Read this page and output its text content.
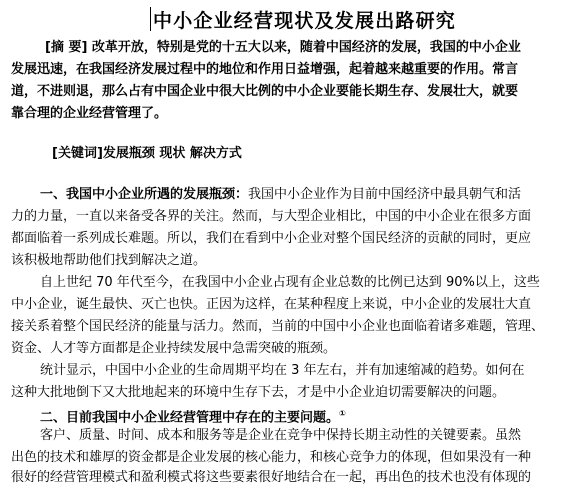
中小企业经营现状及发展出路研究
[摘 要] 改革开放，特别是党的十五大以来，随着中国经济的发展，我国的中小企业
发展迅速，在我国经济发展过程中的地位和作用日益增强，起着越来越重要的作用。常言
道，不进则退，那么占有中国企业中很大比例的中小企业要能长期生存、发展壮大，就要
靠合理的企业经营管理了。
[关键词]发展瓶颈 现状 解决方式
一、我国中小企业所遇的发展瓶颈：我国中小企业作为目前中国经济中最具朝气和活
力的力量，一直以来备受各界的关注。然而，与大型企业相比，中国的中小企业在很多方面
都面临着一系列成长难题。所以，我们在看到中小企业对整个国民经济的贡献的同时，更应
该积极地帮助他们找到解决之道。
自上世纪 70 年代至今，在我国中小企业占现有企业总数的比例已达到 90%以上，这些
中小企业，诞生最快、灭亡也快。正因为这样，在某种程度上来说，中小企业的发展壮大直
接关系着整个国民经济的能量与活力。然而，当前的中国中小企业也面临着诸多难题，管理、
资金、人才等方面都是企业持续发展中急需突破的瓶颈。
统计显示，中国中小企业的生命周期平均在 3 年左右，并有加速缩减的趋势。如何在
这种大批地倒下又大批地起来的环境中生存下去，才是中小企业迫切需要解决的问题。
二、目前我国中小企业经营管理中存在的主要问题。①
客户、质量、时间、成本和服务等是企业在竞争中保持长期主动性的关键要素。虽然
出色的技术和雄厚的资金都是企业发展的核心能力，和核心竞争力的体现，但如果没有一种
很好的经营管理模式和盈利模式将这些要素很好地结合在一起，再出色的技术也没有体现的
